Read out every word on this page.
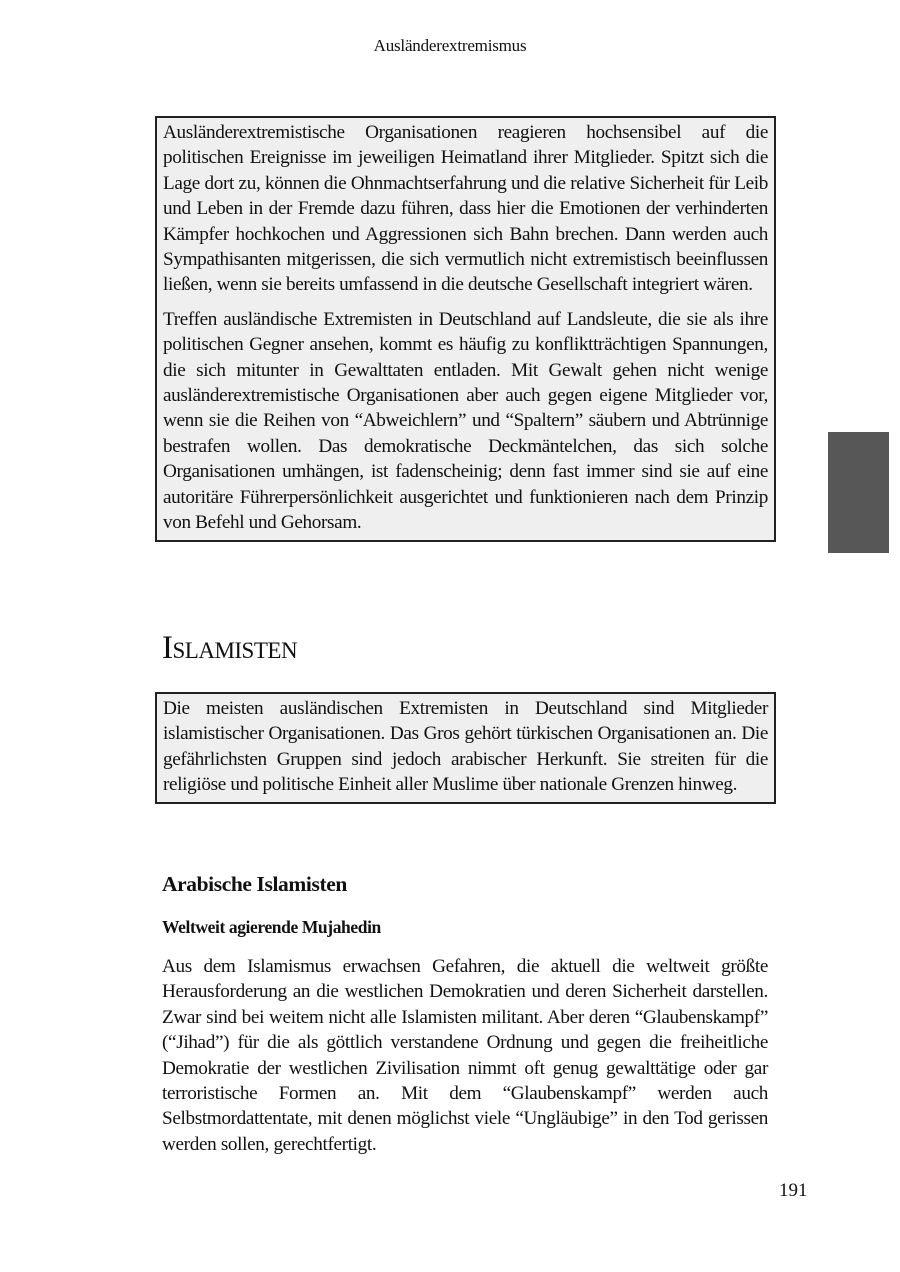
Ausländerextremismus

Ausländerextremistische Organisationen reagieren hochsensibel auf die politischen Ereignisse im jeweiligen Heimatland ihrer Mitglieder. Spitzt sich die Lage dort zu, können die Ohnmachtserfahrung und die relative Sicherheit für Leib und Leben in der Fremde dazu führen, dass hier die Emotionen der verhinderten Kämpfer hochkochen und Aggressionen sich Bahn brechen. Dann werden auch Sympathisanten mitgerissen, die sich vermutlich nicht extremistisch beeinflussen ließen, wenn sie bereits umfassend in die deutsche Gesellschaft integriert wären.

Treffen ausländische Extremisten in Deutschland auf Landsleute, die sie als ihre politischen Gegner ansehen, kommt es häufig zu konfliktträchtigen Spannungen, die sich mitunter in Gewalttaten entladen. Mit Gewalt gehen nicht wenige ausländerextremistische Organisationen aber auch gegen eigene Mitglieder vor, wenn sie die Reihen von “Abweichlern” und “Spaltern” säubern und Abtrünnige bestrafen wollen. Das demokratische Deckmäntelchen, das sich solche Organisationen umhängen, ist fadenscheinig; denn fast immer sind sie auf eine autoritäre Führerpersönlichkeit ausgerichtet und funktionieren nach dem Prinzip von Befehl und Gehorsam.

Islamisten

Die meisten ausländischen Extremisten in Deutschland sind Mitglieder islamistischer Organisationen. Das Gros gehört türkischen Organisationen an. Die gefährlichsten Gruppen sind jedoch arabischer Herkunft. Sie streiten für die religiöse und politische Einheit aller Muslime über nationale Grenzen hinweg.

Arabische Islamisten
Weltweit agierende Mujahedin

Aus dem Islamismus erwachsen Gefahren, die aktuell die weltweit größte Herausforderung an die westlichen Demokratien und deren Sicherheit darstellen. Zwar sind bei weitem nicht alle Islamisten militant. Aber deren “Glaubenskampf” (“Jihad”) für die als göttlich verstandene Ordnung und gegen die freiheitliche Demokratie der westlichen Zivilisation nimmt oft genug gewalttätige oder gar terroristische Formen an. Mit dem “Glaubenskampf” werden auch Selbstmordattentate, mit denen möglichst viele “Ungläubige” in den Tod gerissen werden sollen, gerechtfertigt.

191
